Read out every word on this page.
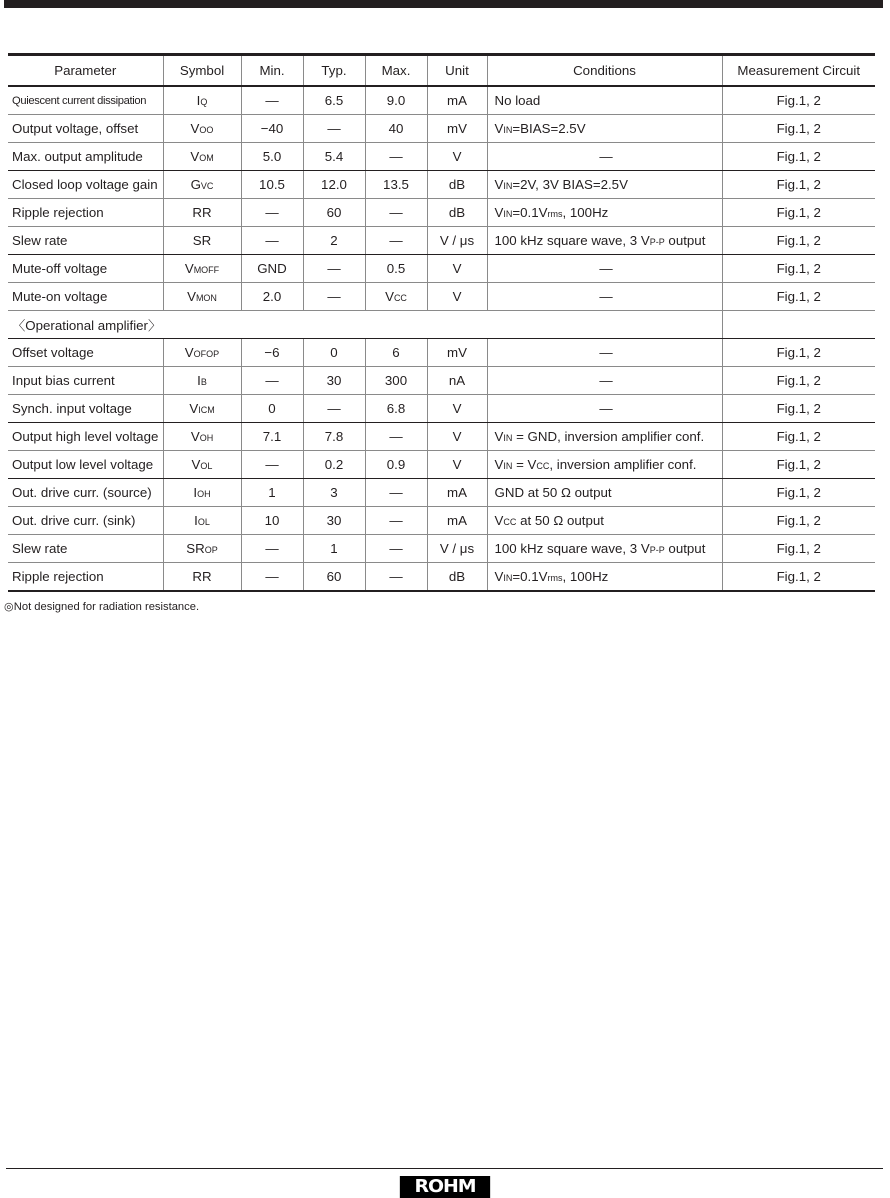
Parameter	Symbol	Min.	Typ.	Max.	Unit	Conditions	Measurement Circuit
Quiescent current dissipation	IQ	—	6.5	9.0	mA	No load	Fig.1, 2
Output voltage, offset	VOO	−40	—	40	mV	VIN=BIAS=2.5V	Fig.1, 2
Max. output amplitude	VOM	5.0	5.4	—	V	—	Fig.1, 2
Closed loop voltage gain	GVC	10.5	12.0	13.5	dB	VIN=2V, 3V BIAS=2.5V	Fig.1, 2
Ripple rejection	RR	—	60	—	dB	VIN=0.1Vrms, 100Hz	Fig.1, 2
Slew rate	SR	—	2	—	V / μs	100 kHz square wave, 3 VP-P output	Fig.1, 2
Mute-off voltage	VMOFF	GND	—	0.5	V	—	Fig.1, 2
Mute-on voltage	VMON	2.0	—	VCC	V	—	Fig.1, 2
〈Operational amplifier〉							
Offset voltage	VOFOP	−6	0	6	mV	—	Fig.1, 2
Input bias current	IB	—	30	300	nA	—	Fig.1, 2
Synch. input voltage	VICM	0	—	6.8	V	—	Fig.1, 2
Output high level voltage	VOH	7.1	7.8	—	V	VIN = GND, inversion amplifier conf.	Fig.1, 2
Output low level voltage	VOL	—	0.2	0.9	V	VIN = VCC, inversion amplifier conf.	Fig.1, 2
Out. drive curr. (source)	IOH	1	3	—	mA	GND at 50 Ω output	Fig.1, 2
Out. drive curr. (sink)	IOL	10	30	—	mA	VCC at 50 Ω output	Fig.1, 2
Slew rate	SROP	—	1	—	V / μs	100 kHz square wave, 3 VP-P output	Fig.1, 2
Ripple rejection	RR	—	60	—	dB	VIN=0.1Vrms, 100Hz	Fig.1, 2
◎Not designed for radiation resistance.
ROHM
